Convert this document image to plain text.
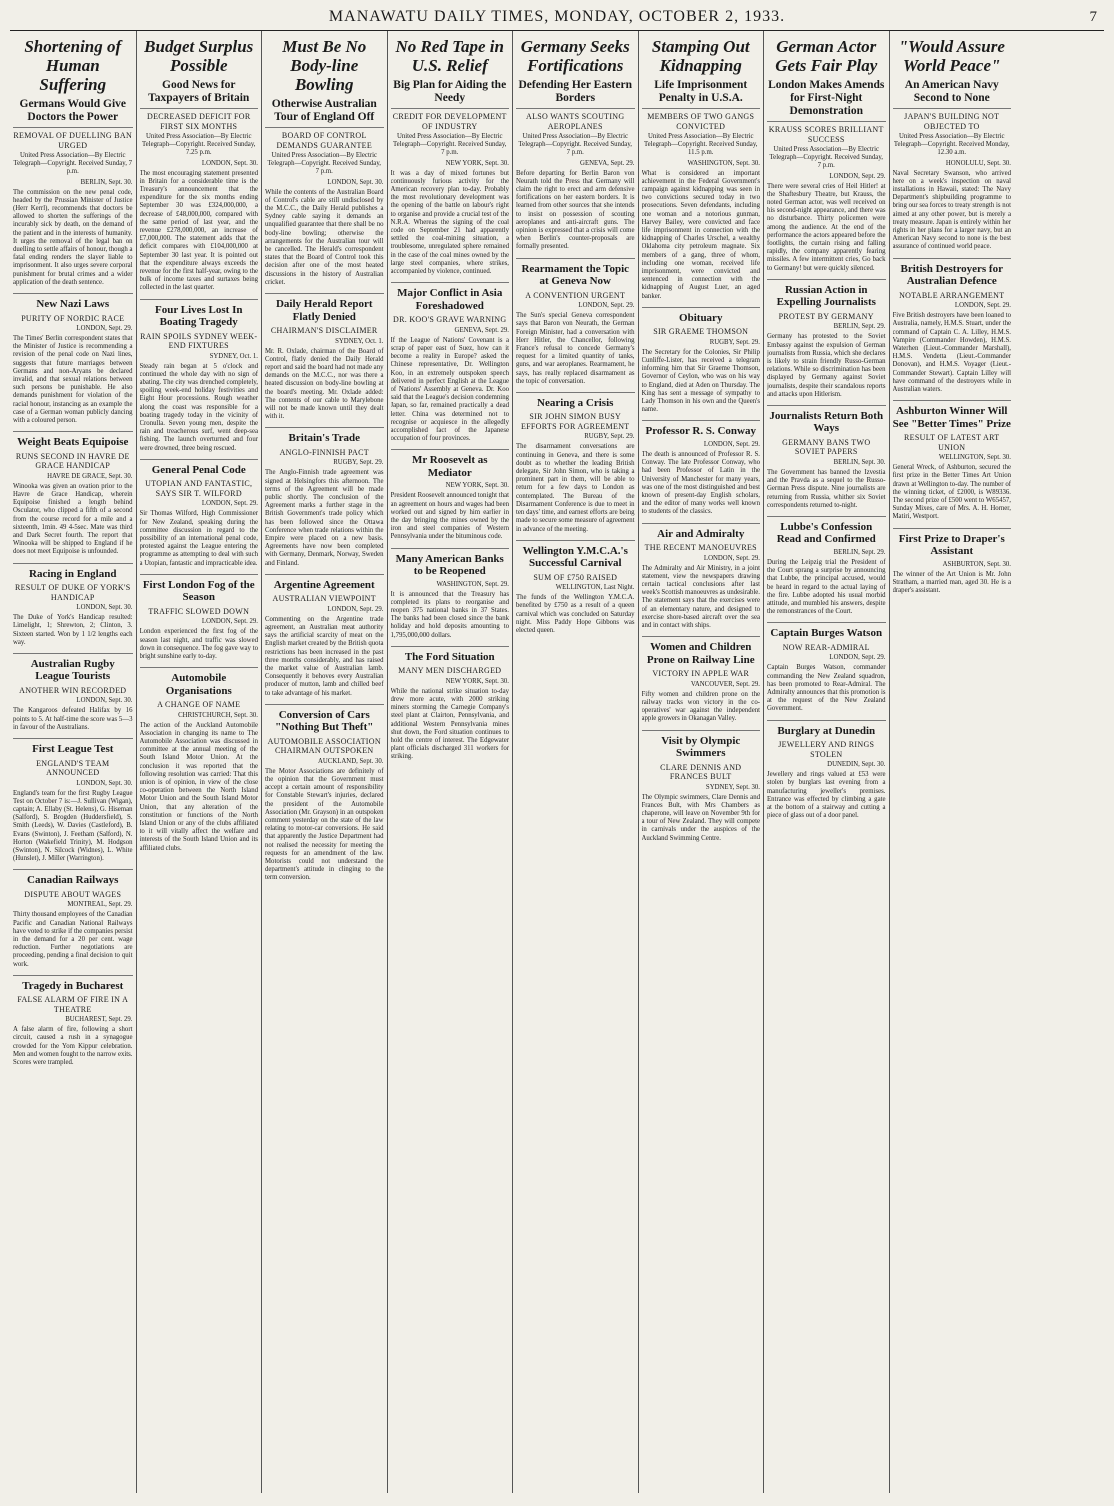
MANAWATU DAILY TIMES, MONDAY, OCTOBER 2, 1933.	7
Shortening of Human Suffering
Germans Would Give Doctors the Power
REMOVAL OF DUELLING BAN URGED
United Press Association—By Electric Telegraph—Copyright. Received Sunday, 7 p.m.
BERLIN, Sept. 30.

The commission on the new penal code, headed by the Prussian Minister of Justice (Herr Kerrl), recommends that doctors be allowed to shorten the sufferings of the incurably sick by death, on the demand of the patient and in the interests of humanity. It urges the removal of the legal ban on duelling to settle affairs of honour, though a fatal ending renders the slayer liable to imprisonment. It also urges severe corporal punishment for brutal crimes and a wider application of the death sentence.

New Nazi Laws
PURITY OF NORDIC RACE
LONDON, Sept. 29.

The Times' Berlin correspondent states that the Minister of Justice is recommending a revision of the penal code on Nazi lines, suggests that future marriages between Germans and non-Aryans be declared invalid, and that sexual relations between such persons be punishable. He also demands punishment for violation of the racial honour, instancing as an example the case of a German woman publicly dancing with a coloured person.

Weight Beats Equipoise
RUNS SECOND IN HAVRE DE GRACE HANDICAP
HAVRE DE GRACE, Sept. 30.

Winooka was given an ovation prior to the Havre de Grace Handicap, wherein Equipoise finished a length behind Osculator, who clipped a fifth of a second from the course record for a mile and a sixteenth, 1min. 49 4-5sec. Mate was third and Dark Secret fourth. The report that Winooka will be shipped to England if he does not meet Equipoise is unfounded.

Racing in England
RESULT OF DUKE OF YORK'S HANDICAP
LONDON, Sept. 30.

The Duke of York's Handicap resulted: Limelight, 1; Shrewton, 2; Clinton, 3. Sixteen started. Won by 1 1/2 lengths each way.

Australian Rugby League Tourists
ANOTHER WIN RECORDED
LONDON, Sept. 30.

The Kangaroos defeated Halifax by 16 points to 5. At half-time the score was 5—3 in favour of the Australians.

First League Test
ENGLAND'S TEAM ANNOUNCED
LONDON, Sept. 30.

England's team for the first Rugby League Test on October 7 is:—J. Sullivan (Wigan), captain; A. Ellaby (St. Helens), G. Hiseman (Salford), S. Brogden (Huddersfield), S. Smith (Leeds), W. Davies (Castleford), B. Evans (Swinton), J. Feetham (Salford), N. Horton (Wakefield Trinity), M. Hodgson (Swinton), N. Silcock (Widnes), L. White (Hunslet), J. Miller (Warrington).

Canadian Railways
DISPUTE ABOUT WAGES
MONTREAL, Sept. 29.

Thirty thousand employees of the Canadian Pacific and Canadian National Railways have voted to strike if the companies persist in the demand for a 20 per cent. wage reduction. Further negotiations are proceeding, pending a final decision to quit work.

Tragedy in Bucharest
FALSE ALARM OF FIRE IN A THEATRE
BUCHAREST, Sept. 29.

A false alarm of fire, following a short circuit, caused a rush in a synagogue crowded for the Yom Kippur celebration. Men and women fought to the narrow exits. Scores were trampled.

Budget Surplus Possible
Good News for Taxpayers of Britain
DECREASED DEFICIT FOR FIRST SIX MONTHS
United Press Association—By Electric Telegraph—Copyright. Received Sunday, 7.25 p.m.
LONDON, Sept. 30.

The most encouraging statement presented in Britain for a considerable time is the Treasury's announcement that the expenditure for the six months ending September 30 was £324,000,000, a decrease of £48,000,000, compared with the same period of last year, and the revenue £278,000,000, an increase of £7,000,000. The statement adds that the deficit compares with £104,000,000 at September 30 last year. It is pointed out that the expenditure always exceeds the revenue for the first half-year, owing to the bulk of income taxes and surtaxes being collected in the last quarter.

Four Lives Lost In Boating Tragedy
RAIN SPOILS SYDNEY WEEK-END FIXTURES
SYDNEY, Oct. 1.

Steady rain began at 5 o'clock and continued the whole day with no sign of abating. The city was drenched completely, spoiling week-end holiday festivities and Eight Hour processions. Rough weather along the coast was responsible for a boating tragedy today in the vicinity of Cronulla. Seven young men, despite the rain and treacherous surf, went deep-sea fishing. The launch overturned and four were drowned, three being rescued.

General Penal Code
UTOPIAN AND FANTASTIC, SAYS SIR T. WILFORD
LONDON, Sept. 29.

Sir Thomas Wilford, High Commissioner for New Zealand, speaking during the committee discussion in regard to the possibility of an international penal code, protested against the League entering the programme as attempting to deal with such a Utopian, fantastic and impracticable idea.

First London Fog of the Season
TRAFFIC SLOWED DOWN
LONDON, Sept. 29.

London experienced the first fog of the season last night, and traffic was slowed down in consequence. The fog gave way to bright sunshine early to-day.

Automobile Organisations
A CHANGE OF NAME
CHRISTCHURCH, Sept. 30.

The action of the Auckland Automobile Association in changing its name to The Automobile Association was discussed in committee at the annual meeting of the South Island Motor Union. At the conclusion it was reported that the following resolution was carried: That this union is of opinion, in view of the close co-operation between the North Island Motor Union and the South Island Motor Union, that any alteration of the constitution or functions of the North Island Union or any of the clubs affiliated to it will vitally affect the welfare and interests of the South Island Union and its affiliated clubs.

Must Be No Body-line Bowling
Otherwise Australian Tour of England Off
BOARD OF CONTROL DEMANDS GUARANTEE
United Press Association—By Electric Telegraph—Copyright. Received Sunday, 7 p.m.
LONDON, Sept. 30.

While the contents of the Australian Board of Control's cable are still undisclosed by the M.C.C., the Daily Herald publishes a Sydney cable saying it demands an unqualified guarantee that there shall be no body-line bowling; otherwise the arrangements for the Australian tour will be cancelled. The Herald's correspondent states that the Board of Control took this decision after one of the most heated discussions in the history of Australian cricket.

Daily Herald Report Flatly Denied
CHAIRMAN'S DISCLAIMER
SYDNEY, Oct. 1.

Mr. R. Oxlade, chairman of the Board of Control, flatly denied the Daily Herald report and said the board had not made any demands on the M.C.C., nor was there a heated discussion on body-line bowling at the board's meeting. Mr. Oxlade added: The contents of our cable to Marylebone will not be made known until they dealt with it.

Britain's Trade
ANGLO-FINNISH PACT
RUGBY, Sept. 29.

The Anglo-Finnish trade agreement was signed at Helsingfors this afternoon. The terms of the Agreement will be made public shortly. The conclusion of the Agreement marks a further stage in the British Government's trade policy which has been followed since the Ottawa Conference when trade relations within the Empire were placed on a new basis. Agreements have now been completed with Germany, Denmark, Norway, Sweden and Finland.

Argentine Agreement
AUSTRALIAN VIEWPOINT
LONDON, Sept. 29.

Commenting on the Argentine trade agreement, an Australian meat authority says the artificial scarcity of meat on the English market created by the British quota restrictions has been increased in the past three months considerably, and has raised the market value of Australian lamb. Consequently it behoves every Australian producer of mutton, lamb and chilled beef to take advantage of his market.

Conversion of Cars "Nothing But Theft"
AUTOMOBILE ASSOCIATION CHAIRMAN OUTSPOKEN
AUCKLAND, Sept. 30.

The Motor Associations are definitely of the opinion that the Government must accept a certain amount of responsibility for Constable Stewart's injuries, declared the president of the Automobile Association (Mr. Grayson) in an outspoken comment yesterday on the state of the law relating to motor-car conversions. He said that apparently the Justice Department had not realised the necessity for meeting the requests for an amendment of the law. Motorists could not understand the department's attitude in clinging to the term conversion.

No Red Tape in U.S. Relief
Big Plan for Aiding the Needy
CREDIT FOR DEVELOPMENT OF INDUSTRY
United Press Association—By Electric Telegraph—Copyright. Received Sunday, 7 p.m.
NEW YORK, Sept. 30.

It was a day of mixed fortunes but continuously furious activity for the American recovery plan to-day. Probably the most revolutionary development was the opening of the battle on labour's right to organise and provide a crucial test of the N.R.A. Whereas the signing of the coal code on September 21 had apparently settled the coal-mining situation, a troublesome, unregulated sphere remained in the case of the coal mines owned by the large steel companies, where strikes, accompanied by violence, continued.

Major Conflict in Asia Foreshadowed
DR. KOO'S GRAVE WARNING
GENEVA, Sept. 29.

If the League of Nations' Covenant is a scrap of paper east of Suez, how can it become a reality in Europe? asked the Chinese representative, Dr. Wellington Koo, in an extremely outspoken speech delivered in perfect English at the League of Nations' Assembly at Geneva. Dr. Koo said that the League's decision condemning Japan, so far, remained practically a dead letter. China was determined not to recognise or acquiesce in the allegedly accomplished fact of the Japanese occupation of four provinces.

Mr Roosevelt as Mediator
NEW YORK, Sept. 30.

President Roosevelt announced tonight that an agreement on hours and wages had been worked out and signed by him earlier in the day bringing the mines owned by the iron and steel companies of Western Pennsylvania under the bituminous code.

Many American Banks to be Reopened
WASHINGTON, Sept. 29.

It is announced that the Treasury has completed its plans to reorganise and reopen 375 national banks in 37 States. The banks had been closed since the bank holiday and hold deposits amounting to 1,795,000,000 dollars.

The Ford Situation
MANY MEN DISCHARGED
NEW YORK, Sept. 30.

While the national strike situation to-day drew more acute, with 2000 striking miners storming the Carnegie Company's steel plant at Clairton, Pennsylvania, and additional Western Pennsylvania mines shut down, the Ford situation continues to hold the centre of interest. The Edgewater plant officials discharged 311 workers for striking.

Germany Seeks Fortifications
Defending Her Eastern Borders
ALSO WANTS SCOUTING AEROPLANES
United Press Association—By Electric Telegraph—Copyright. Received Sunday, 7 p.m.
GENEVA, Sept. 29.

Before departing for Berlin Baron von Neurath told the Press that Germany will claim the right to erect and arm defensive fortifications on her eastern borders. It is learned from other sources that she intends to insist on possession of scouting aeroplanes and anti-aircraft guns. The opinion is expressed that a crisis will come when Berlin's counter-proposals are formally presented.

Rearmament the Topic at Geneva Now
A CONVENTION URGENT
LONDON, Sept. 29.

The Sun's special Geneva correspondent says that Baron von Neurath, the German Foreign Minister, had a conversation with Herr Hitler, the Chancellor, following France's refusal to concede Germany's request for a limited quantity of tanks, guns, and war aeroplanes. Rearmament, he says, has really replaced disarmament as the topic of conversation.

Nearing a Crisis
SIR JOHN SIMON BUSY EFFORTS FOR AGREEMENT
RUGBY, Sept. 29.

The disarmament conversations are continuing in Geneva, and there is some doubt as to whether the leading British delegate, Sir John Simon, who is taking a prominent part in them, will be able to return for a few days to London as contemplated. The Bureau of the Disarmament Conference is due to meet in ten days' time, and earnest efforts are being made to secure some measure of agreement in advance of the meeting.

Wellington Y.M.C.A.'s Successful Carnival
SUM OF £750 RAISED
WELLINGTON, Last Night.

The funds of the Wellington Y.M.C.A. benefited by £750 as a result of a queen carnival which was concluded on Saturday night. Miss Paddy Hope Gibbons was elected queen.

Stamping Out Kidnapping
Life Imprisonment Penalty in U.S.A.
MEMBERS OF TWO GANGS CONVICTED
United Press Association—By Electric Telegraph—Copyright. Received Sunday, 11.5 p.m.
WASHINGTON, Sept. 30.

What is considered an important achievement in the Federal Government's campaign against kidnapping was seen in two convictions secured today in two prosecutions. Seven defendants, including one woman and a notorious gunman, Harvey Bailey, were convicted and face life imprisonment in connection with the kidnapping of Charles Urschel, a wealthy Oklahoma city petroleum magnate. Six members of a gang, three of whom, including one woman, received life imprisonment, were convicted and sentenced in connection with the kidnapping of August Luer, an aged banker.

Obituary
SIR GRAEME THOMSON
RUGBY, Sept. 29.

The Secretary for the Colonies, Sir Philip Cunliffe-Lister, has received a telegram informing him that Sir Graeme Thomson, Governor of Ceylon, who was on his way to England, died at Aden on Thursday. The King has sent a message of sympathy to Lady Thomson in his own and the Queen's name.

Professor R. S. Conway
LONDON, Sept. 29.

The death is announced of Professor R. S. Conway. The late Professor Conway, who had been Professor of Latin in the University of Manchester for many years, was one of the most distinguished and best known of present-day English scholars, and the editor of many works well known to students of the classics.

Air and Admiralty
THE RECENT MANOEUVRES
LONDON, Sept. 29.

The Admiralty and Air Ministry, in a joint statement, view the newspapers drawing certain tactical conclusions after last week's Scottish manoeuvres as undesirable. The statement says that the exercises were of an elementary nature, and designed to exercise shore-based aircraft over the sea and in contact with ships.

Women and Children Prone on Railway Line
VICTORY IN APPLE WAR
VANCOUVER, Sept. 29.

Fifty women and children prone on the railway tracks won victory in the co-operatives' war against the independent apple growers in Okanagan Valley.

Visit by Olympic Swimmers
CLARE DENNIS AND FRANCES BULT
SYDNEY, Sept. 30.

The Olympic swimmers, Clare Dennis and Frances Bult, with Mrs Chambers as chaperone, will leave on November 9th for a tour of New Zealand. They will compete in carnivals under the auspices of the Auckland Swimming Centre.

German Actor Gets Fair Play
London Makes Amends for First-Night Demonstration
KRAUSS SCORES BRILLIANT SUCCESS
United Press Association—By Electric Telegraph—Copyright. Received Sunday, 7 p.m.
LONDON, Sept. 29.

There were several cries of Heil Hitler! at the Shaftesbury Theatre, but Krauss, the noted German actor, was well received on his second-night appearance, and there was no disturbance. Thirty policemen were among the audience. At the end of the performance the actors appeared before the footlights, the curtain rising and falling rapidly, the company apparently fearing missiles. A few intermittent cries, Go back to Germany! but were quickly silenced.

Russian Action in Expelling Journalists
PROTEST BY GERMANY
BERLIN, Sept. 29.

Germany has protested to the Soviet Embassy against the expulsion of German journalists from Russia, which she declares is likely to strain friendly Russo-German relations. While so discrimination has been displayed by Germany against Soviet journalists, despite their scandalous reports and attacks upon Hitlerism.

Journalists Return Both Ways
GERMANY BANS TWO SOVIET PAPERS
BERLIN, Sept. 30.

The Government has banned the Izvestia and the Pravda as a sequel to the Russo-German Press dispute. Nine journalists are returning from Russia, whither six Soviet correspondents returned to-night.

Lubbe's Confession Read and Confirmed
BERLIN, Sept. 29.

During the Leipzig trial the President of the Court sprang a surprise by announcing that Lubbe, the principal accused, would be heard in regard to the actual laying of the fire. Lubbe adopted his usual morbid attitude, and mumbled his answers, despite the remonstrances of the Court.

Captain Burges Watson
NOW REAR-ADMIRAL
LONDON, Sept. 29.

Captain Burges Watson, commander commanding the New Zealand squadron, has been promoted to Rear-Admiral. The Admiralty announces that this promotion is at the request of the New Zealand Government.

Burglary at Dunedin
JEWELLERY AND RINGS STOLEN
DUNEDIN, Sept. 30.

Jewellery and rings valued at £53 were stolen by burglars last evening from a manufacturing jeweller's premises. Entrance was effected by climbing a gate at the bottom of a stairway and cutting a piece of glass out of a door panel.

"Would Assure World Peace"
An American Navy Second to None
JAPAN'S BUILDING NOT OBJECTED TO
United Press Association—By Electric Telegraph—Copyright. Received Monday, 12.30 a.m.
HONOLULU, Sept. 30.

Naval Secretary Swanson, who arrived here on a week's inspection on naval installations in Hawaii, stated: The Navy Department's shipbuilding programme to bring our sea forces to treaty strength is not aimed at any other power, but is merely a treaty measure. Japan is entirely within her rights in her plans for a larger navy, but an American Navy second to none is the best assurance of continued world peace.

British Destroyers for Australian Defence
NOTABLE ARRANGEMENT
LONDON, Sept. 29.

Five British destroyers have been loaned to Australia, namely, H.M.S. Stuart, under the command of Captain C. A. Lilley, H.M.S. Vampire (Commander Howden), H.M.S. Waterhen (Lieut.-Commander Marshall), H.M.S. Vendetta (Lieut.-Commander Donovan), and H.M.S. Voyager (Lieut.-Commander Stewart). Captain Lilley will have command of the destroyers while in Australian waters.

Ashburton Winner Will See "Better Times" Prize
RESULT OF LATEST ART UNION
WELLINGTON, Sept. 30.

General Wreck, of Ashburton, secured the first prize in the Better Times Art Union drawn at Wellington to-day. The number of the winning ticket, of £2000, is W89336. The second prize of £500 went to W65457, Sunday Mixes, care of Mrs. A. H. Horner, Matiri, Westport.

First Prize to Draper's Assistant
ASHBURTON, Sept. 30.

The winner of the Art Union is Mr. John Stratham, a married man, aged 30. He is a draper's assistant.
